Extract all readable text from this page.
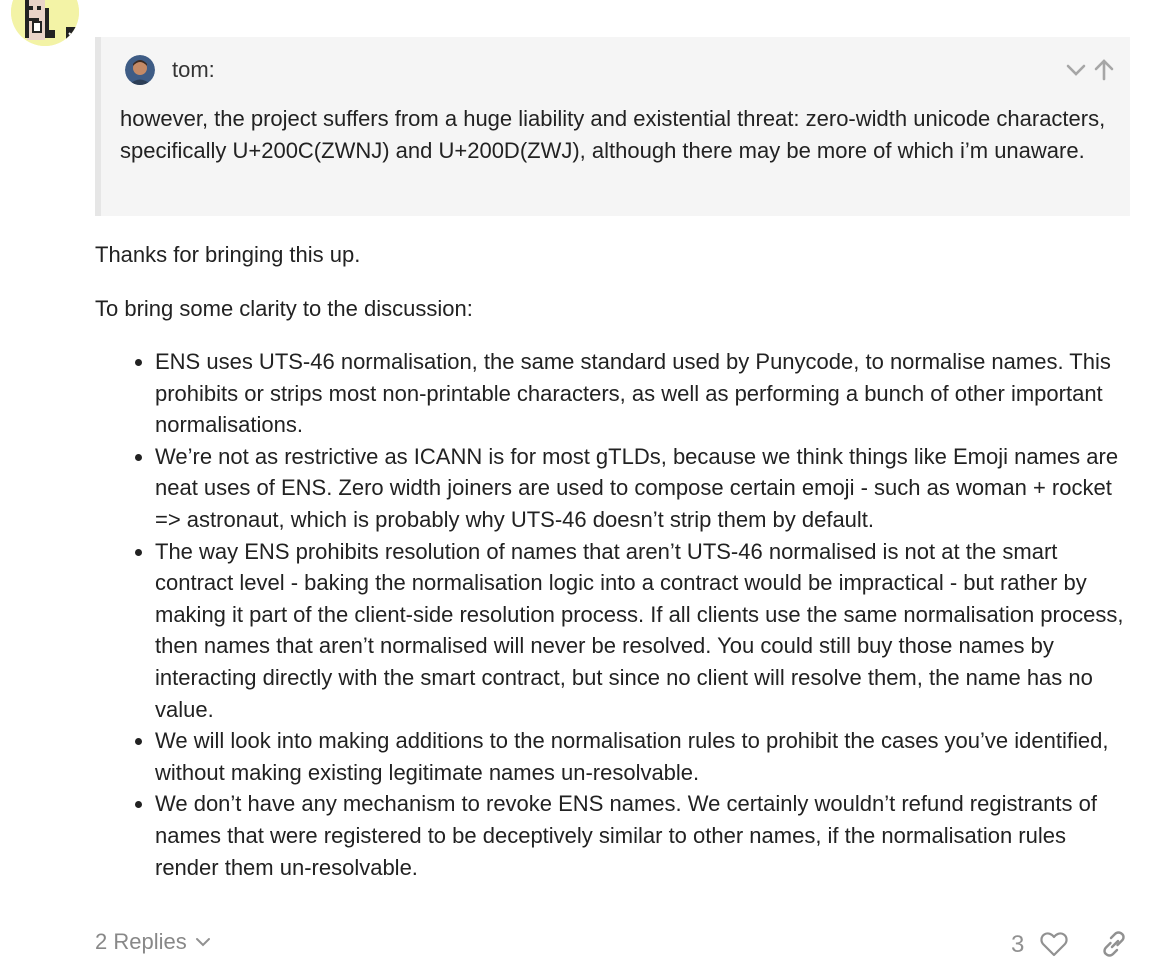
tom:
however, the project suffers from a huge liability and existential threat: zero-width unicode characters, specifically U+200C(ZWNJ) and U+200D(ZWJ), although there may be more of which i’m unaware.
Thanks for bringing this up.
To bring some clarity to the discussion:
• ENS uses UTS-46 normalisation, the same standard used by Punycode, to normalise names. This prohibits or strips most non-printable characters, as well as performing a bunch of other important normalisations.
• We’re not as restrictive as ICANN is for most gTLDs, because we think things like Emoji names are neat uses of ENS. Zero width joiners are used to compose certain emoji - such as woman + rocket => astronaut, which is probably why UTS-46 doesn’t strip them by default.
• The way ENS prohibits resolution of names that aren’t UTS-46 normalised is not at the smart contract level - baking the normalisation logic into a contract would be impractical - but rather by making it part of the client-side resolution process. If all clients use the same normalisation process, then names that aren’t normalised will never be resolved. You could still buy those names by interacting directly with the smart contract, but since no client will resolve them, the name has no value.
• We will look into making additions to the normalisation rules to prohibit the cases you’ve identified, without making existing legitimate names un-resolvable.
• We don’t have any mechanism to revoke ENS names. We certainly wouldn’t refund registrants of names that were registered to be deceptively similar to other names, if the normalisation rules render them un-resolvable.
2 Replies	3
